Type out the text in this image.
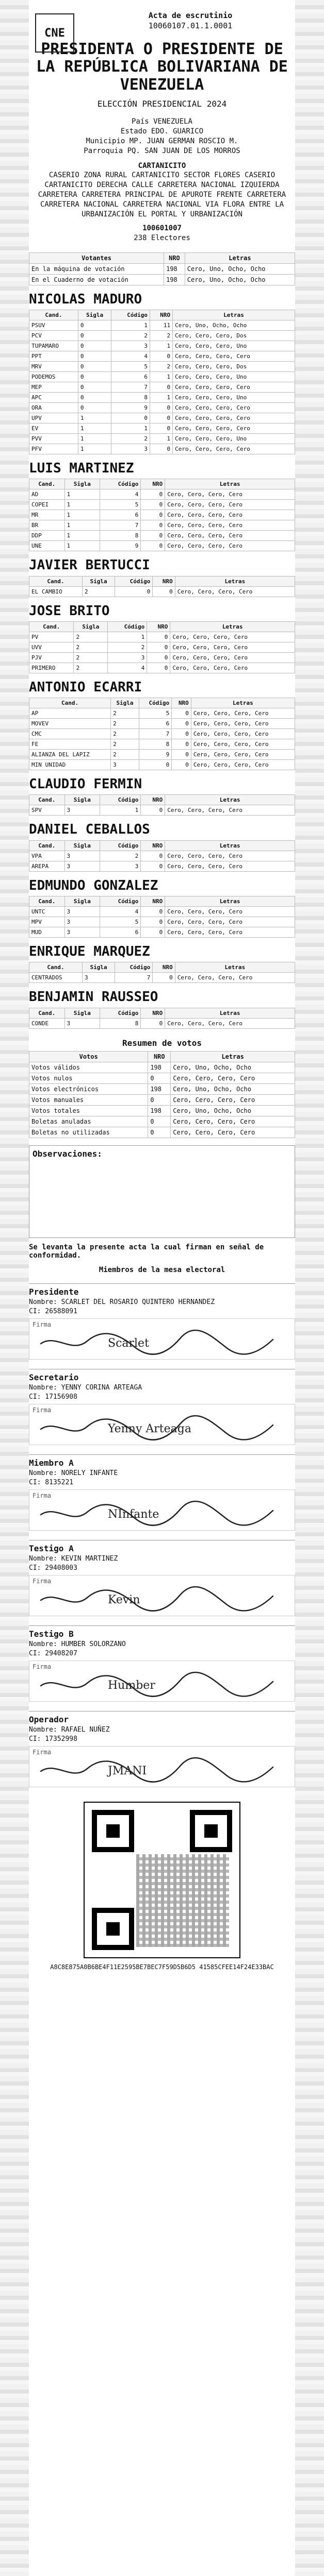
CNE
Acta de escrutinio
10060107.01.1.0001
PRESIDENTA O PRESIDENTE DE LA REPÚBLICA BOLIVARIANA DE VENEZUELA
ELECCIÓN PRESIDENCIAL 2024
País VENEZUELA
Estado EDO. GUARICO
Municipio MP. JUAN GERMAN ROSCIO M.
Parroquia PQ. SAN JUAN DE LOS MORROS
CARTANICITO
CASERIO ZONA RURAL CARTANICITO SECTOR FLORES CASERIO CARTANICITO DERECHA CALLE CARRETERA NACIONAL IZQUIERDA CARRETERA CARRETERA PRINCIPAL DE APUROTE FRENTE CARRETERA CARRETERA NACIONAL CARRETERA NACIONAL VIA FLORA ENTRE LA URBANIZACIÓN EL PORTAL Y URBANIZACIÓN
100601007
238 Electores
Votantes	NRO	Letras
En la máquina de votación	198	Cero, Uno, Ocho, Ocho
En el Cuaderno de votación	198	Cero, Uno, Ocho, Ocho
NICOLAS MADURO
Cand.	Sigla	Código	NRO	Letras
PSUV	0	1	11	Cero, Uno, Ocho, Ocho
PCV	0	2	2	Cero, Cero, Cero, Dos
TUPAMARO	0	3	1	Cero, Cero, Cero, Uno
PPT	0	4	0	Cero, Cero, Cero, Cero
MRV	0	5	2	Cero, Cero, Cero, Dos
PODEMOS	0	6	1	Cero, Cero, Cero, Uno
MEP	0	7	0	Cero, Cero, Cero, Cero
APC	0	8	1	Cero, Cero, Cero, Uno
ORA	0	9	0	Cero, Cero, Cero, Cero
UPV	1	0	0	Cero, Cero, Cero, Cero
EV	1	1	0	Cero, Cero, Cero, Cero
PVV	1	2	1	Cero, Cero, Cero, Uno
PFV	1	3	0	Cero, Cero, Cero, Cero
LUIS MARTINEZ
Cand.	Sigla	Código	NRO	Letras
AD	1	4	0	Cero, Cero, Cero, Cero
COPEI	1	5	0	Cero, Cero, Cero, Cero
MR	1	6	0	Cero, Cero, Cero, Cero
BR	1	7	0	Cero, Cero, Cero, Cero
DDP	1	8	0	Cero, Cero, Cero, Cero
UNE	1	9	0	Cero, Cero, Cero, Cero
JAVIER BERTUCCI
Cand.	Sigla	Código	NRO	Letras
EL CAMBIO	2	0	0	Cero, Cero, Cero, Cero
JOSE BRITO
Cand.	Sigla	Código	NRO	Letras
PV	2	1	0	Cero, Cero, Cero, Cero
UVV	2	2	0	Cero, Cero, Cero, Cero
PJV	2	3	0	Cero, Cero, Cero, Cero
PRIMERO	2	4	0	Cero, Cero, Cero, Cero
ANTONIO ECARRI
Cand.	Sigla	Código	NRO	Letras
AP	2	5	0	Cero, Cero, Cero, Cero
MOVEV	2	6	0	Cero, Cero, Cero, Cero
CMC	2	7	0	Cero, Cero, Cero, Cero
FE	2	8	0	Cero, Cero, Cero, Cero
ALIANZA DEL LAPIZ	2	9	0	Cero, Cero, Cero, Cero
MIN UNIDAD	3	0	0	Cero, Cero, Cero, Cero
CLAUDIO FERMIN
Cand.	Sigla	Código	NRO	Letras
SPV	3	1	0	Cero, Cero, Cero, Cero
DANIEL CEBALLOS
Cand.	Sigla	Código	NRO	Letras
VPA	3	2	0	Cero, Cero, Cero, Cero
AREPA	3	3	0	Cero, Cero, Cero, Cero
EDMUNDO GONZALEZ
Cand.	Sigla	Código	NRO	Letras
UNTC	3	4	0	Cero, Cero, Cero, Cero
MPV	3	5	0	Cero, Cero, Cero, Cero
MUD	3	6	0	Cero, Cero, Cero, Cero
ENRIQUE MARQUEZ
Cand.	Sigla	Código	NRO	Letras
CENTRADOS	3	7	0	Cero, Cero, Cero, Cero
BENJAMIN RAUSSEO
Cand.	Sigla	Código	NRO	Letras
CONDE	3	8	0	Cero, Cero, Cero, Cero
Resumen de votos
Votos	NRO	Letras
Votos válidos	198	Cero, Uno, Ocho, Ocho
Votos nulos	0	Cero, Cero, Cero, Cero
Votos electrónicos	198	Cero, Uno, Ocho, Ocho
Votos manuales	0	Cero, Cero, Cero, Cero
Votos totales	198	Cero, Uno, Ocho, Ocho
Boletas anuladas	0	Cero, Cero, Cero, Cero
Boletas no utilizadas	0	Cero, Cero, Cero, Cero
Observaciones:
Se levanta la presente acta la cual firman en señal de conformidad.
Miembros de la mesa electoral
Presidente
Nombre: SCARLET DEL ROSARIO QUINTERO HERNANDEZ
CI: 26588091
Firma
Scarlet
Secretario
Nombre: YENNY CORINA ARTEAGA
CI: 17156908
Firma
Yenny Arteaga
Miembro A
Nombre: NORELY INFANTE
CI: 8135221
Firma
NInfante
Testigo A
Nombre: KEVIN MARTINEZ
CI: 29408003
Firma
Kevin
Testigo B
Nombre: HUMBER SOLORZANO
CI: 29408207
Firma
Humber
Operador
Nombre: RAFAEL NUÑEZ
CI: 17352998
Firma
JMANI
A8C8E875A0B6BE4F11E2595BE7BEC7F59D5B6D5 41585CFEE14F24E33BAC
